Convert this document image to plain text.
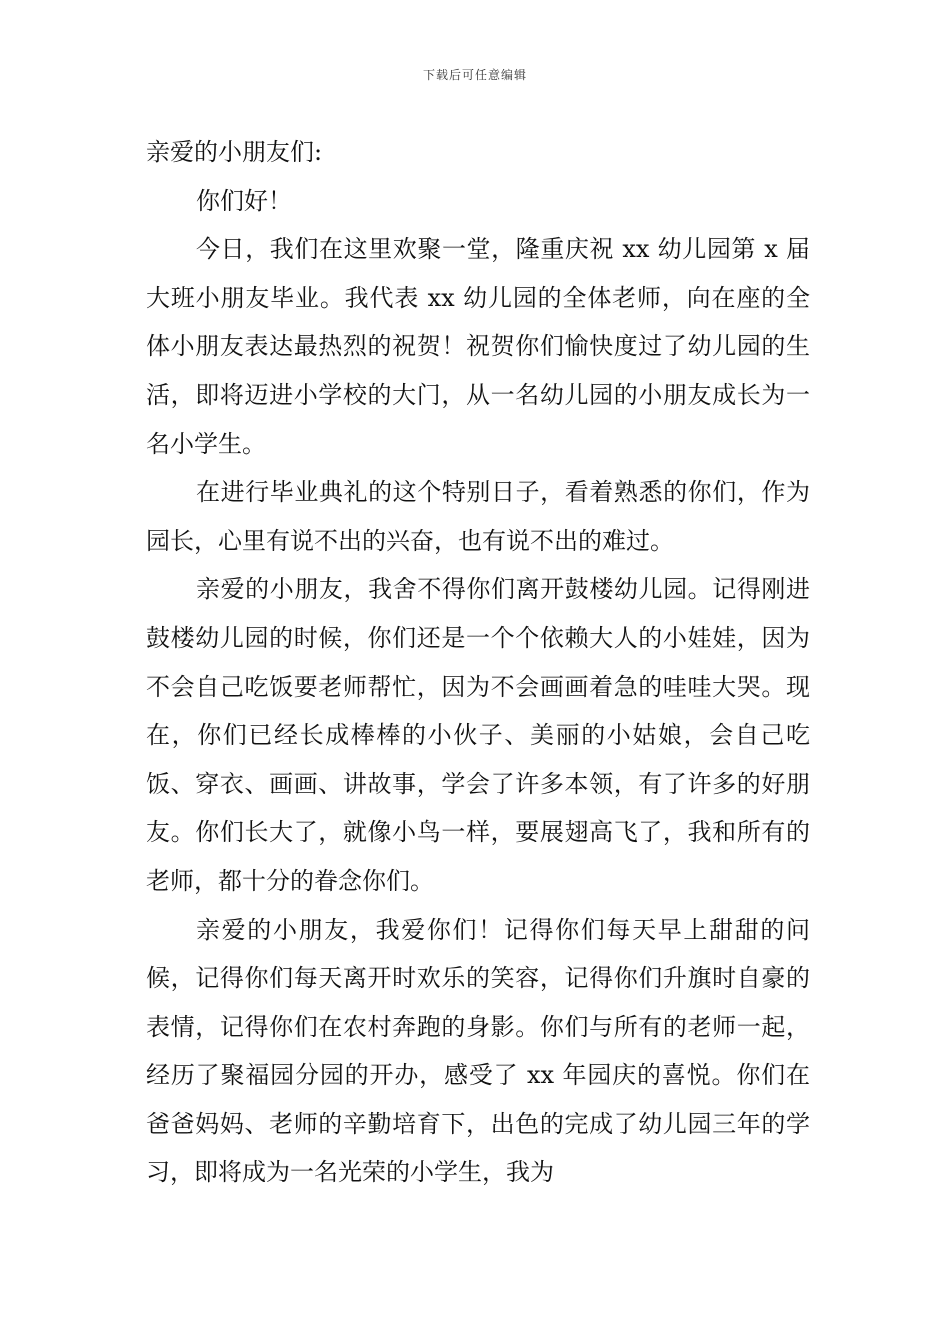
下载后可任意编辑

亲爱的小朋友们:

你们好！

今日，我们在这里欢聚一堂，隆重庆祝 xx 幼儿园第 x 届大班小朋友毕业。我代表 xx 幼儿园的全体老师，向在座的全体小朋友表达最热烈的祝贺！祝贺你们愉快度过了幼儿园的生活，即将迈进小学校的大门，从一名幼儿园的小朋友成长为一名小学生。

在进行毕业典礼的这个特别日子，看着熟悉的你们，作为园长，心里有说不出的兴奋，也有说不出的难过。

亲爱的小朋友，我舍不得你们离开鼓楼幼儿园。记得刚进鼓楼幼儿园的时候，你们还是一个个依赖大人的小娃娃，因为不会自己吃饭要老师帮忙，因为不会画画着急的哇哇大哭。现在，你们已经长成棒棒的小伙子、美丽的小姑娘，会自己吃饭、穿衣、画画、讲故事，学会了许多本领，有了许多的好朋友。你们长大了，就像小鸟一样，要展翅高飞了，我和所有的老师，都十分的眷念你们。

亲爱的小朋友，我爱你们！记得你们每天早上甜甜的问候，记得你们每天离开时欢乐的笑容，记得你们升旗时自豪的表情，记得你们在农村奔跑的身影。你们与所有的老师一起，经历了聚福园分园的开办，感受了 xx 年园庆的喜悦。你们在爸爸妈妈、老师的辛勤培育下，出色的完成了幼儿园三年的学习，即将成为一名光荣的小学生，我为
